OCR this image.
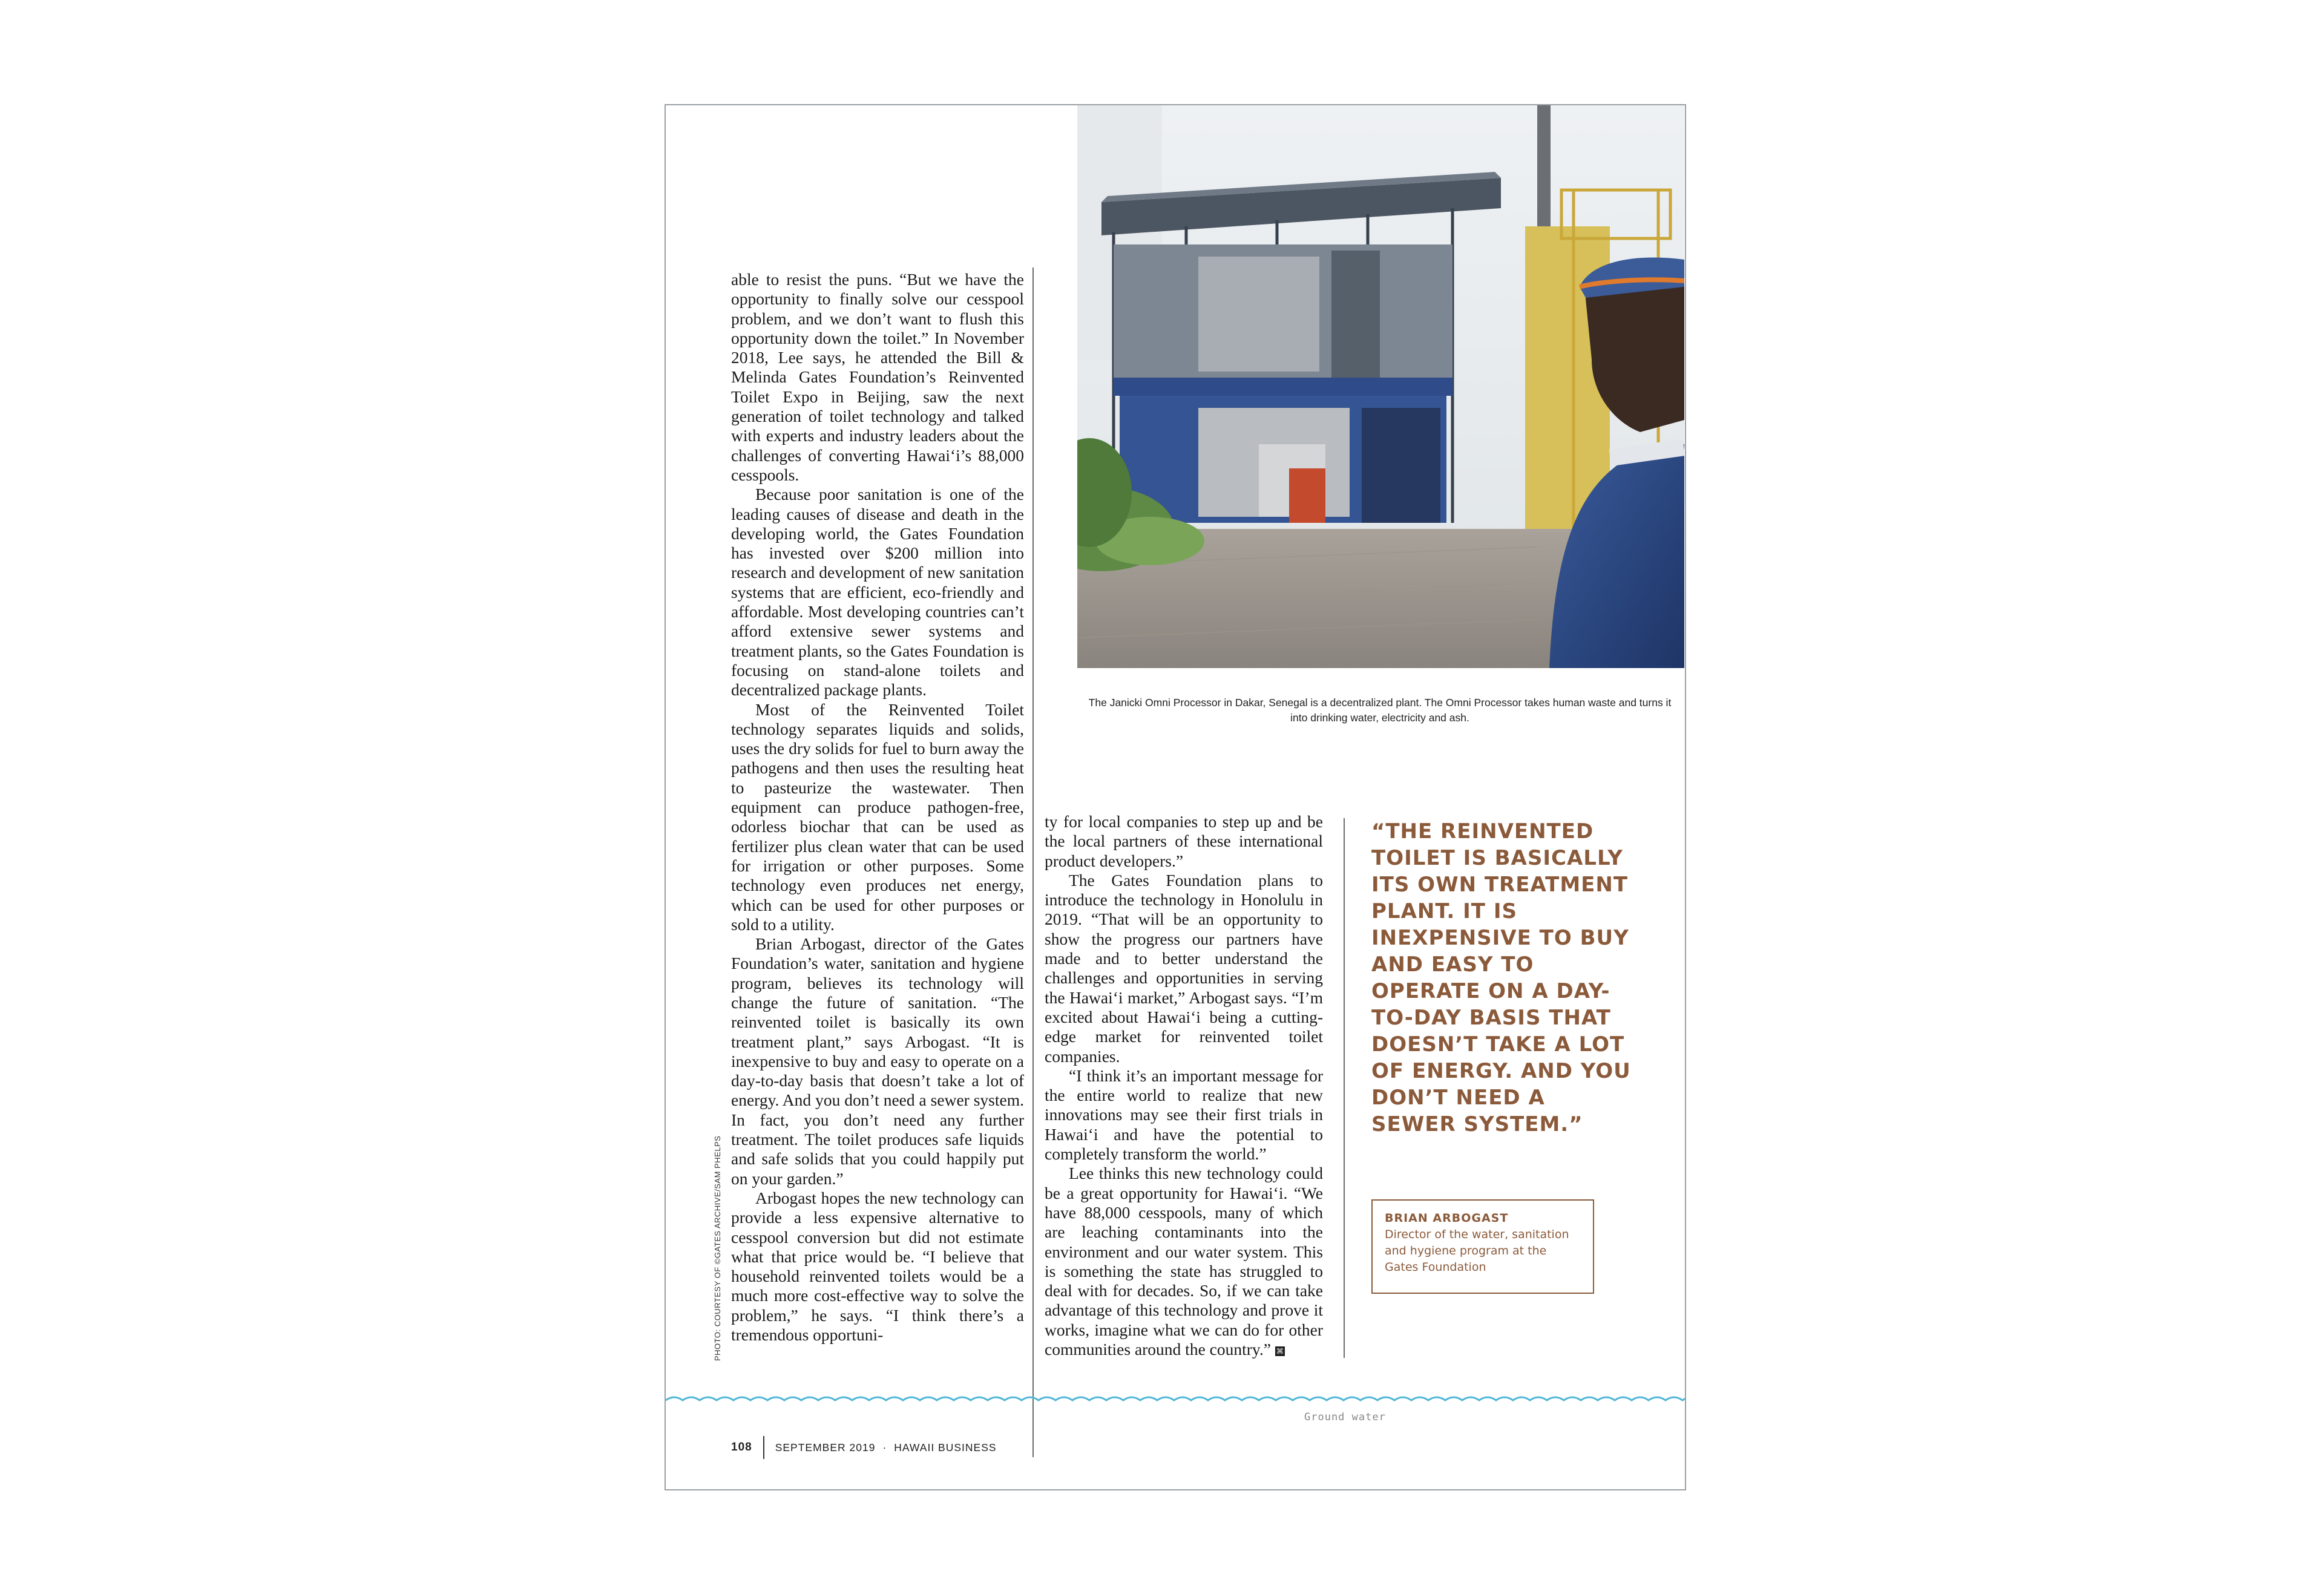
able to resist the puns. “But we have the opportunity to finally solve our cesspool problem, and we don’t want to flush this opportunity down the toilet.” In November 2018, Lee says, he attended the Bill & Melinda Gates Foundation’s Reinvented Toilet Expo in Beijing, saw the next generation of toilet technology and talked with experts and industry leaders about the challenges of converting Hawaiʻi’s 88,000 cesspools.

Because poor sanitation is one of the leading causes of disease and death in the developing world, the Gates Foundation has invested over $200 million into research and development of new sanitation systems that are efficient, eco-friendly and affordable. Most developing countries can’t afford extensive sewer systems and treatment plants, so the Gates Foundation is focusing on stand-alone toilets and decentralized package plants.

Most of the Reinvented Toilet technology separates liquids and solids, uses the dry solids for fuel to burn away the pathogens and then uses the resulting heat to pasteurize the wastewater. Then equipment can produce pathogen-free, odorless biochar that can be used as fertilizer plus clean water that can be used for irrigation or other purposes. Some technology even produces net energy, which can be used for other purposes or sold to a utility.

Brian Arbogast, director of the Gates Foundation’s water, sanitation and hygiene program, believes its technology will change the future of sanitation. “The reinvented toilet is basically its own treatment plant,” says Arbogast. “It is inexpensive to buy and easy to operate on a day-to-day basis that doesn’t take a lot of energy. And you don’t need a sewer system. In fact, you don’t need any further treatment. The toilet produces safe liquids and safe solids that you could happily put on your garden.”

Arbogast hopes the new technology can provide a less expensive alternative to cesspool conversion but did not estimate what that price would be. “I believe that household reinvented toilets would be a much more cost-effective way to solve the problem,” he says. “I think there’s a tremendous opportuni-

ty for local companies to step up and be the local partners of these international product developers.”

The Gates Foundation plans to introduce the technology in Honolulu in 2019. “That will be an opportunity to show the progress our partners have made and to better understand the challenges and opportunities in serving the Hawaiʻi market,” Arbogast says. “I’m excited about Hawaiʻi being a cutting-edge market for reinvented toilet companies.

“I think it’s an important message for the entire world to realize that new innovations may see their first trials in Hawaiʻi and have the potential to completely transform the world.”

Lee thinks this new technology could be a great opportunity for Hawaiʻi. “We have 88,000 cesspools, many of which are leaching contaminants into the environment and our water system. This is something the state has struggled to deal with for decades. So, if we can take advantage of this technology and prove it works, imagine what we can do for other communities around the country.” ⌘

The Janicki Omni Processor in Dakar, Senegal is a decentralized plant. The Omni Processor takes human waste and turns it into drinking water, electricity and ash.
PHOTO: COURTESY OF ©GATES ARCHIVE/SAM PHELPS
“THE REINVENTED TOILET IS BASICALLY ITS OWN TREATMENT PLANT. IT IS INEXPENSIVE TO BUY AND EASY TO OPERATE ON A DAY-TO-DAY BASIS THAT DOESN’T TAKE A LOT OF ENERGY. AND YOU DON’T NEED A SEWER SYSTEM.”
BRIAN ARBOGAST
Director of the water, sanitation and hygiene program at the Gates Foundation
Ground water
108 SEPTEMBER 2019 · HAWAII BUSINESS
